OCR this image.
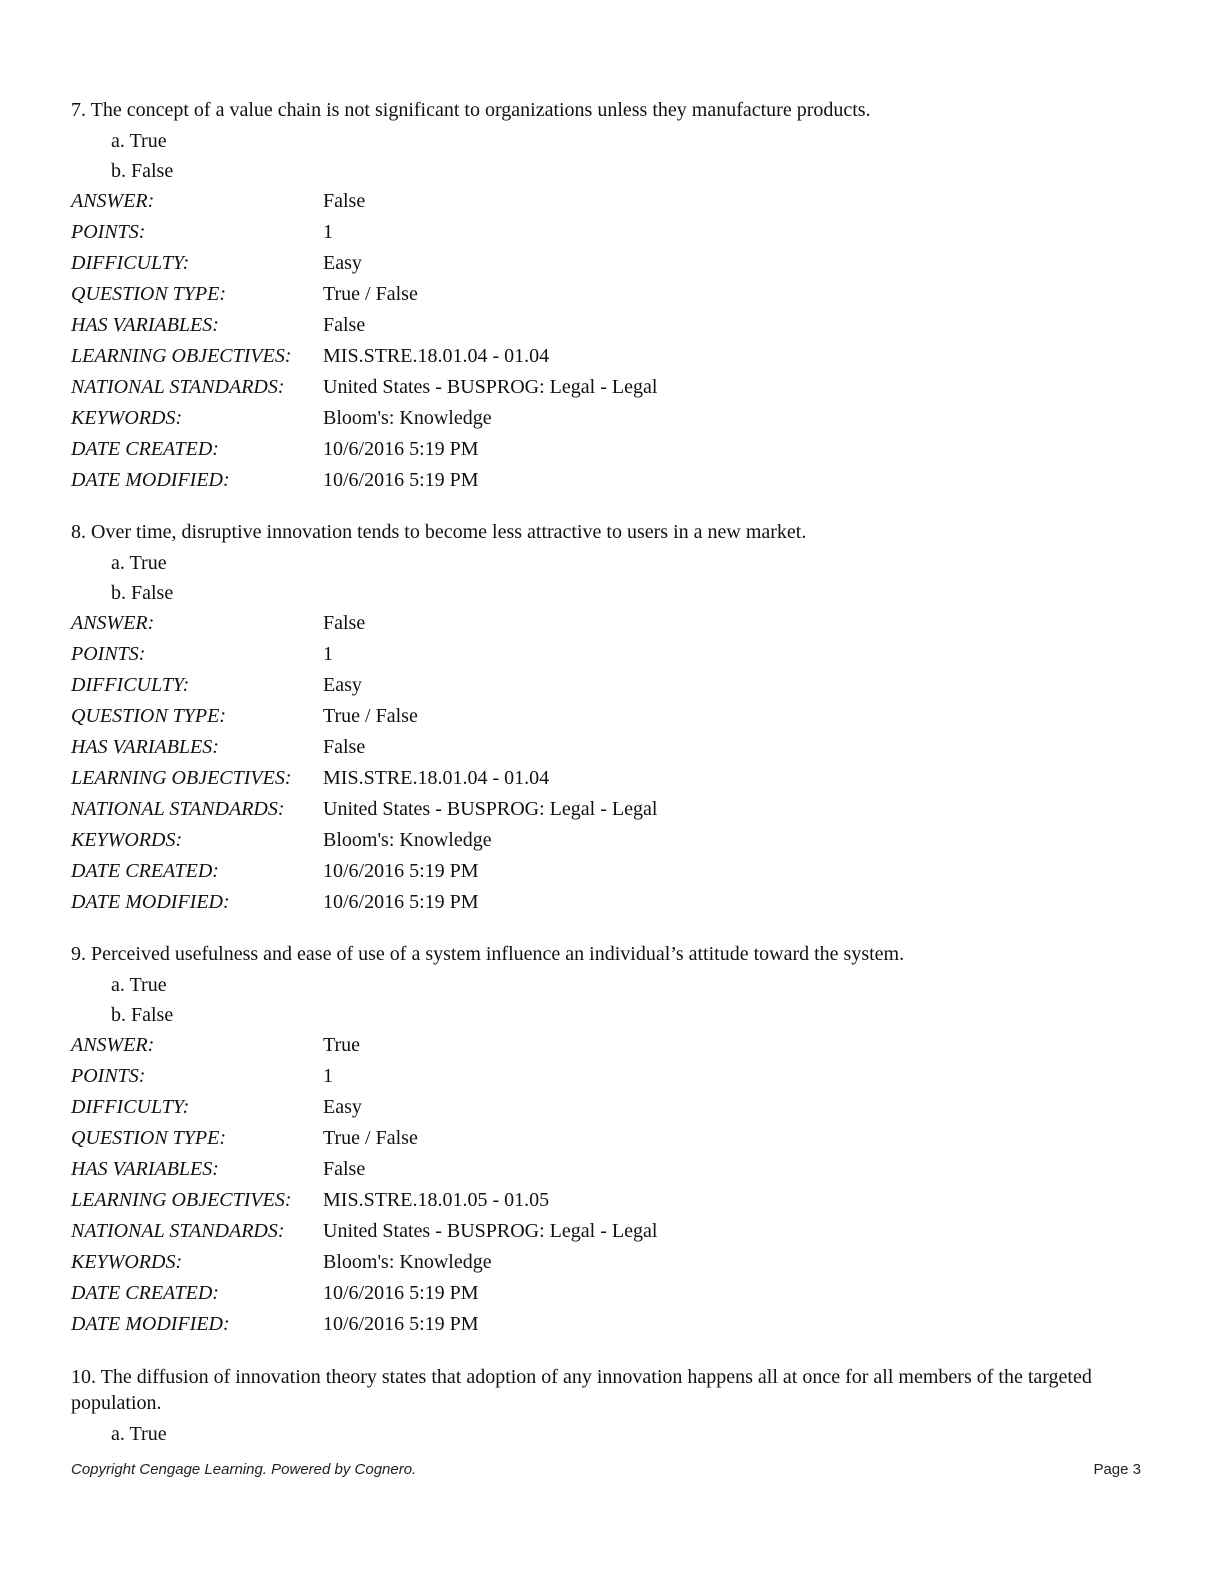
7. The concept of a value chain is not significant to organizations unless they manufacture products.
a. True
b. False
ANSWER:	False
POINTS:	1
DIFFICULTY:	Easy
QUESTION TYPE:	True / False
HAS VARIABLES:	False
LEARNING OBJECTIVES:	MIS.STRE.18.01.04 - 01.04
NATIONAL STANDARDS:	United States - BUSPROG: Legal - Legal
KEYWORDS:	Bloom's: Knowledge
DATE CREATED:	10/6/2016 5:19 PM
DATE MODIFIED:	10/6/2016 5:19 PM
8. Over time, disruptive innovation tends to become less attractive to users in a new market.
a. True
b. False
ANSWER:	False
POINTS:	1
DIFFICULTY:	Easy
QUESTION TYPE:	True / False
HAS VARIABLES:	False
LEARNING OBJECTIVES:	MIS.STRE.18.01.04 - 01.04
NATIONAL STANDARDS:	United States - BUSPROG: Legal - Legal
KEYWORDS:	Bloom's: Knowledge
DATE CREATED:	10/6/2016 5:19 PM
DATE MODIFIED:	10/6/2016 5:19 PM
9. Perceived usefulness and ease of use of a system influence an individual’s attitude toward the system.
a. True
b. False
ANSWER:	True
POINTS:	1
DIFFICULTY:	Easy
QUESTION TYPE:	True / False
HAS VARIABLES:	False
LEARNING OBJECTIVES:	MIS.STRE.18.01.05 - 01.05
NATIONAL STANDARDS:	United States - BUSPROG: Legal - Legal
KEYWORDS:	Bloom's: Knowledge
DATE CREATED:	10/6/2016 5:19 PM
DATE MODIFIED:	10/6/2016 5:19 PM
10. The diffusion of innovation theory states that adoption of any innovation happens all at once for all members of the targeted population.
a. True
Copyright Cengage Learning. Powered by Cognero.	Page 3
